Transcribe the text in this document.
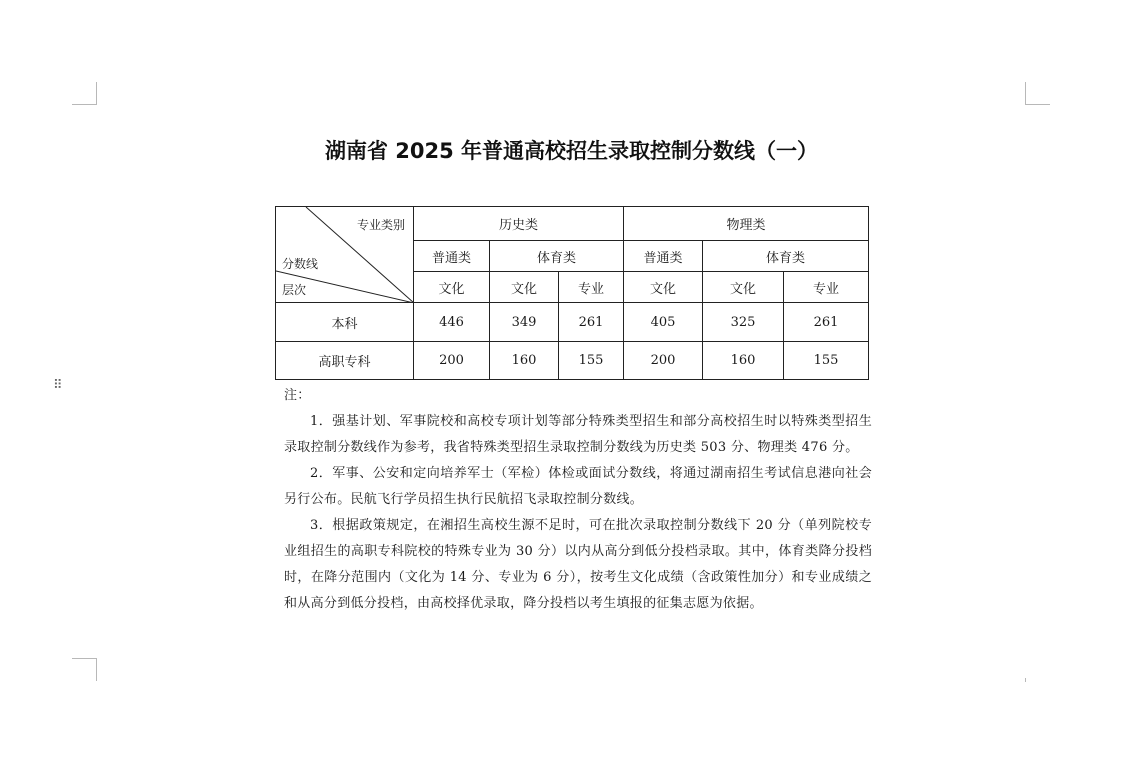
⠿
湖南省 2025 年普通高校招生录取控制分数线（一）
专业类别
分数线
层次	历史类			物理类		
	普通类	体育类		普通类	体育类	
	文化	文化	专业	文化	文化	专业
本科	446	349	261	405	325	261
高职专科	200	160	155	200	160	155
注：

1．强基计划、军事院校和高校专项计划等部分特殊类型招生和部分高校招生时以特殊类型招生录取控制分数线作为参考，我省特殊类型招生录取控制分数线为历史类 503 分、物理类 476 分。

2．军事、公安和定向培养军士（军检）体检或面试分数线，将通过湖南招生考试信息港向社会另行公布。民航飞行学员招生执行民航招飞录取控制分数线。

3．根据政策规定，在湘招生高校生源不足时，可在批次录取控制分数线下 20 分（单列院校专业组招生的高职专科院校的特殊专业为 30 分）以内从高分到低分投档录取。其中，体育类降分投档时，在降分范围内（文化为 14 分、专业为 6 分），按考生文化成绩（含政策性加分）和专业成绩之和从高分到低分投档，由高校择优录取，降分投档以考生填报的征集志愿为依据。
